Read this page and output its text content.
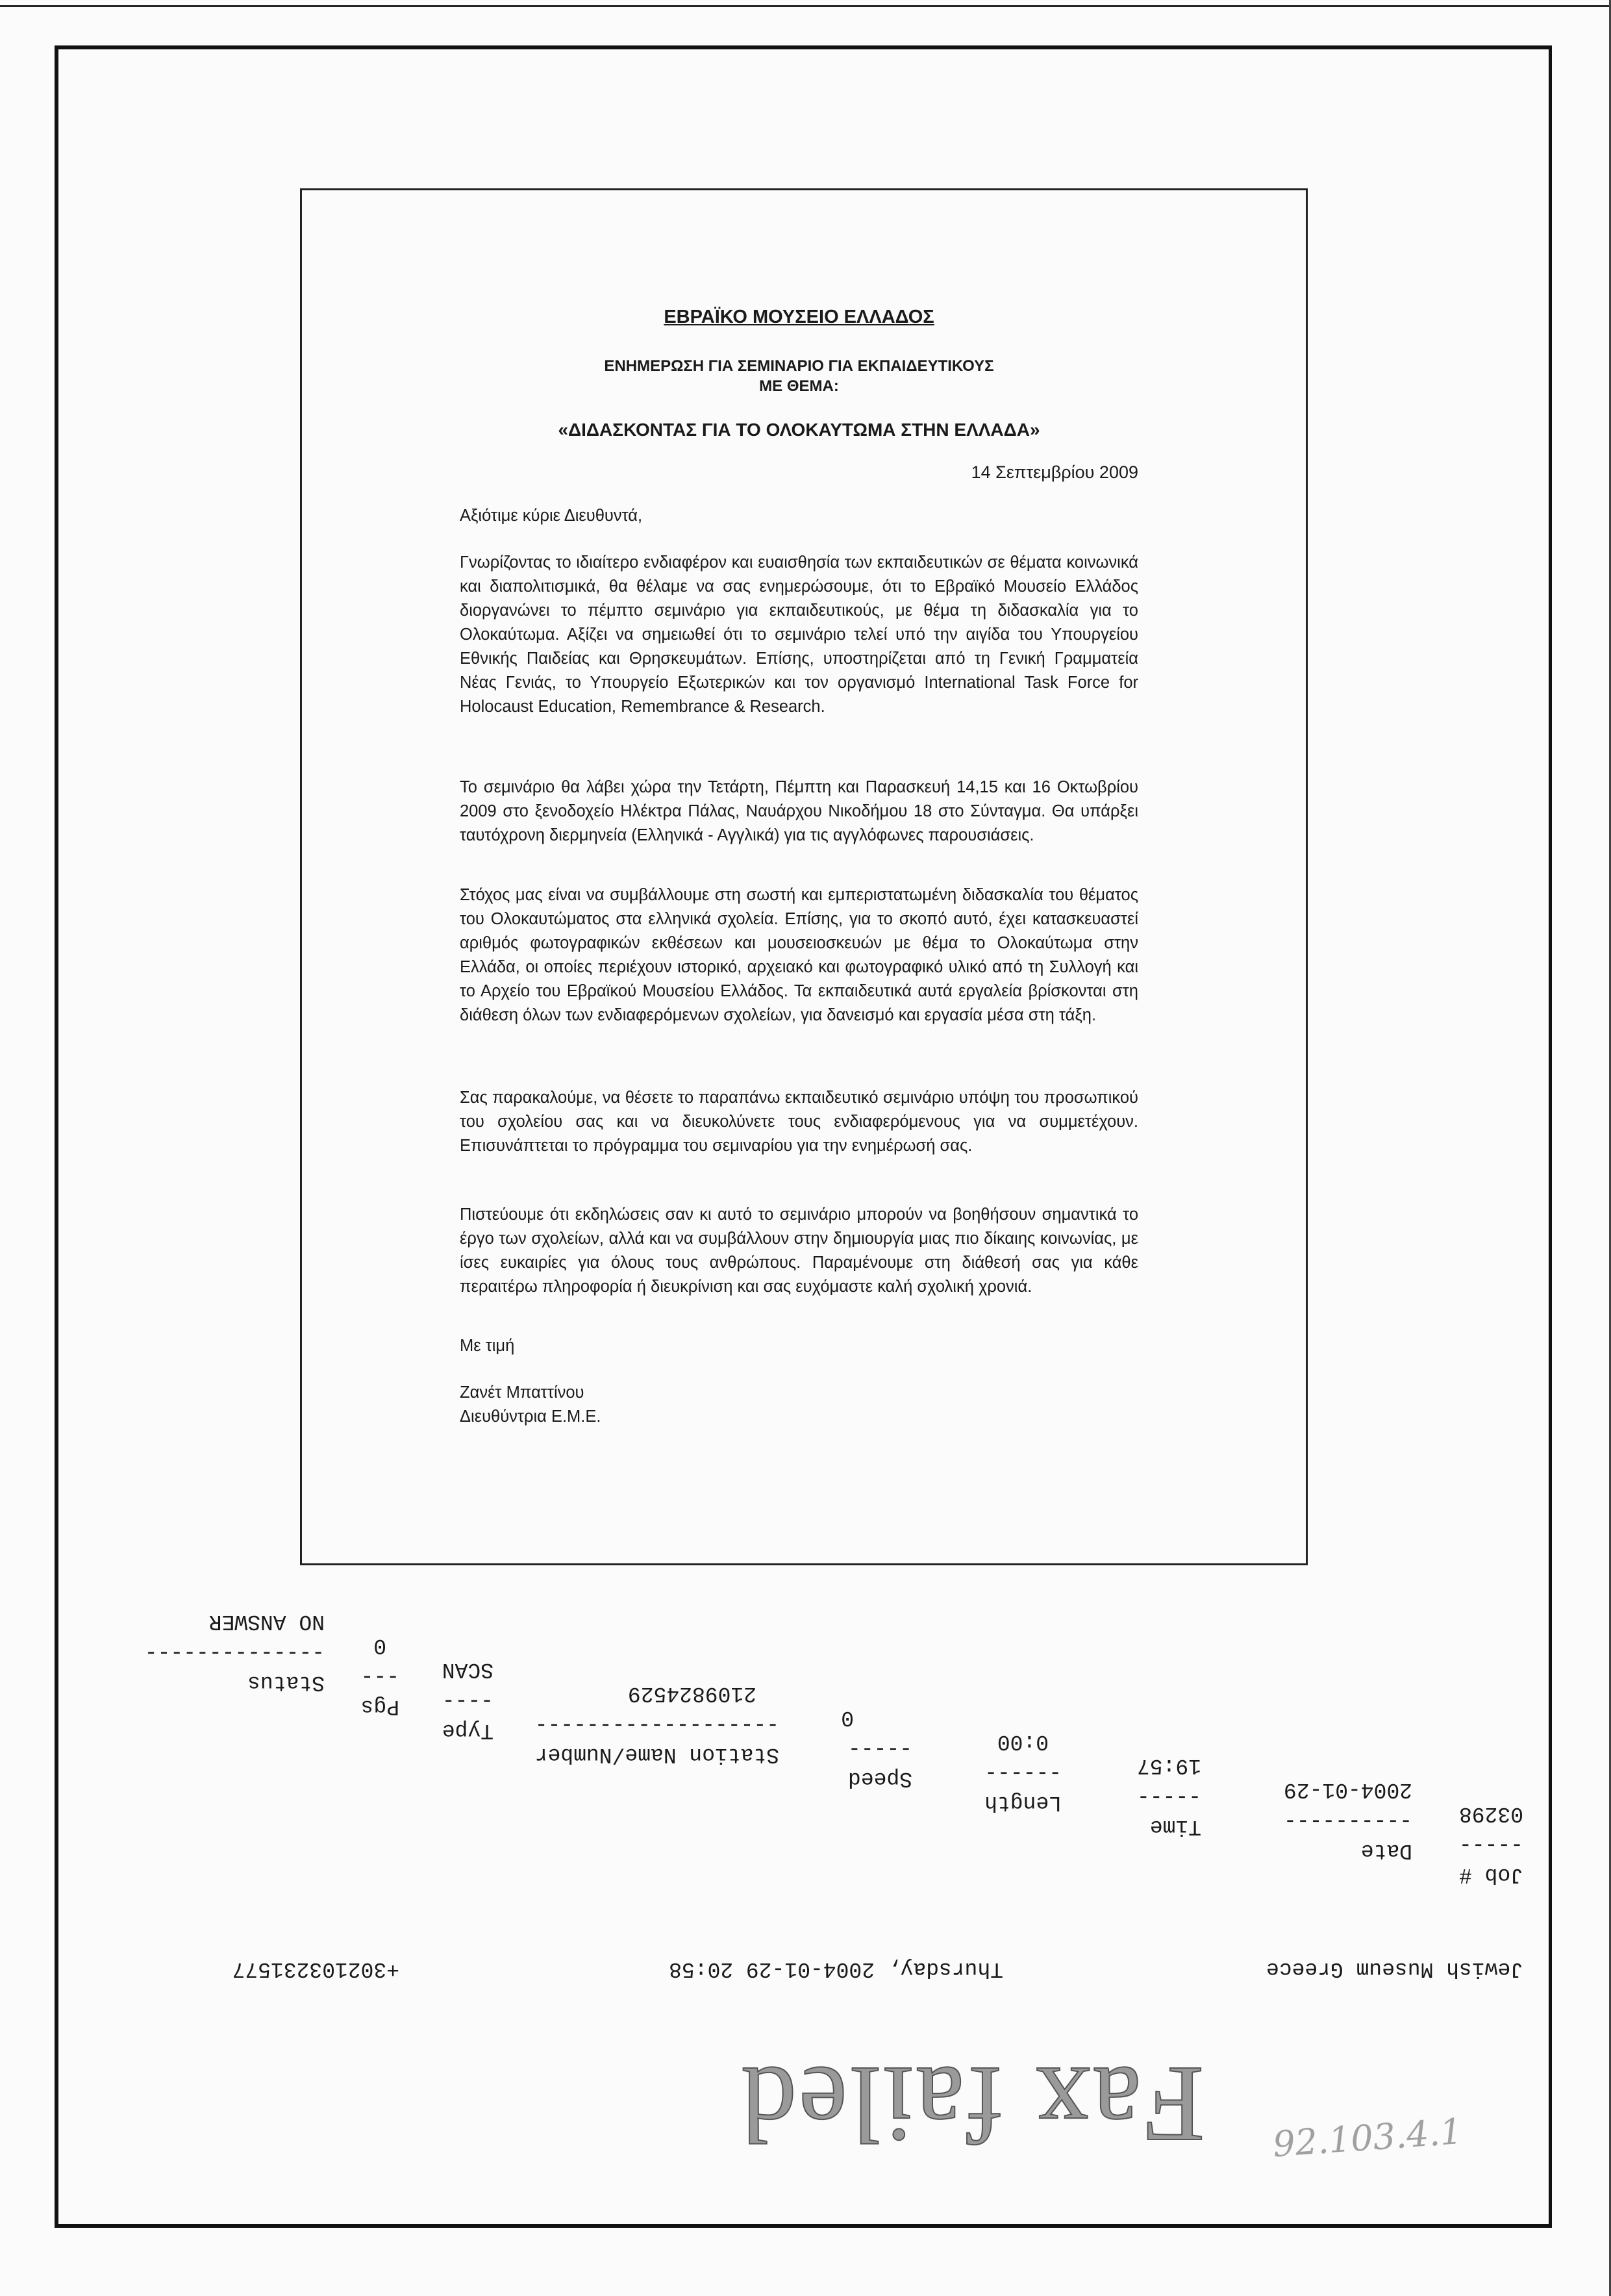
ΕΒΡΑΪΚΟ ΜΟΥΣΕΙΟ ΕΛΛΑΔΟΣ
ΕΝΗΜΕΡΩΣΗ ΓΙΑ ΣΕΜΙΝΑΡΙΟ ΓΙΑ ΕΚΠΑΙΔΕΥΤΙΚΟΥΣ
ΜΕ ΘΕΜΑ:
«ΔΙΔΑΣΚΟΝΤΑΣ ΓΙΑ ΤΟ ΟΛΟΚΑΥΤΩΜΑ ΣΤΗΝ ΕΛΛΑΔΑ»
14 Σεπτεμβρίου 2009
Αξιότιμε κύριε Διευθυντά,
Γνωρίζοντας το ιδιαίτερο ενδιαφέρον και ευαισθησία των εκπαιδευτικών σε θέματα κοινωνικά και διαπολιτισμικά, θα θέλαμε να σας ενημερώσουμε, ότι το Εβραϊκό Μουσείο Ελλάδος διοργανώνει το πέμπτο σεμινάριο για εκπαιδευτικούς, με θέμα τη διδασκαλία για το Ολοκαύτωμα. Αξίζει να σημειωθεί ότι το σεμινάριο τελεί υπό την αιγίδα του Υπουργείου Εθνικής Παιδείας και Θρησκευμάτων. Επίσης, υποστηρίζεται από τη Γενική Γραμματεία Νέας Γενιάς, το Υπουργείο Εξωτερικών και τον οργανισμό International Task Force for Holocaust Education, Remembrance & Research.
Το σεμινάριο θα λάβει χώρα την Τετάρτη, Πέμπτη και Παρασκευή 14,15 και 16 Οκτωβρίου 2009 στο ξενοδοχείο Ηλέκτρα Πάλας, Ναυάρχου Νικοδήμου 18 στο Σύνταγμα. Θα υπάρξει ταυτόχρονη διερμηνεία (Ελληνικά - Αγγλικά) για τις αγγλόφωνες παρουσιάσεις.
Στόχος μας είναι να συμβάλλουμε στη σωστή και εμπεριστατωμένη διδασκαλία του θέματος του Ολοκαυτώματος στα ελληνικά σχολεία. Επίσης, για το σκοπό αυτό, έχει κατασκευαστεί αριθμός φωτογραφικών εκθέσεων και μουσειοσκευών με θέμα το Ολοκαύτωμα στην Ελλάδα, οι οποίες περιέχουν ιστορικό, αρχειακό και φωτογραφικό υλικό από τη Συλλογή και το Αρχείο του Εβραϊκού Μουσείου Ελλάδος. Τα εκπαιδευτικά αυτά εργαλεία βρίσκονται στη διάθεση όλων των ενδιαφερόμενων σχολείων, για δανεισμό και εργασία μέσα στη τάξη.
Σας παρακαλούμε, να θέσετε το παραπάνω εκπαιδευτικό σεμινάριο υπόψη του προσωπικού του σχολείου σας και να διευκολύνετε τους ενδιαφερόμενους για να συμμετέχουν. Επισυνάπτεται το πρόγραμμα του σεμιναρίου για την ενημέρωσή σας.
Πιστεύουμε ότι εκδηλώσεις σαν κι αυτό το σεμινάριο μπορούν να βοηθήσουν σημαντικά το έργο των σχολείων, αλλά και να συμβάλλουν στην δημιουργία μιας πιο δίκαιης κοινωνίας, με ίσες ευκαιρίες για όλους τους ανθρώπους. Παραμένουμε στη διάθεσή σας για κάθε περαιτέρω πληροφορία ή διευκρίνιση και σας ευχόμαστε καλή σχολική χρονιά.
Με τιμή
Ζανέτ Μπαττίνου
Διευθύντρια Ε.Μ.Ε.
Fax failed
Jewish Museum Greece
Thursday, 2004-01-29 20:58
+302103231577

Job #

Date

Time

Length

Speed

Station Name/Number

Type

Pgs

Status

-----

----------

-----

------

-----

-------------------

----

---

--------------

03298

2004-01-29

19:57

0:00

0

2109824529

SCAN

0

NO ANSWER

92.103.4.1
